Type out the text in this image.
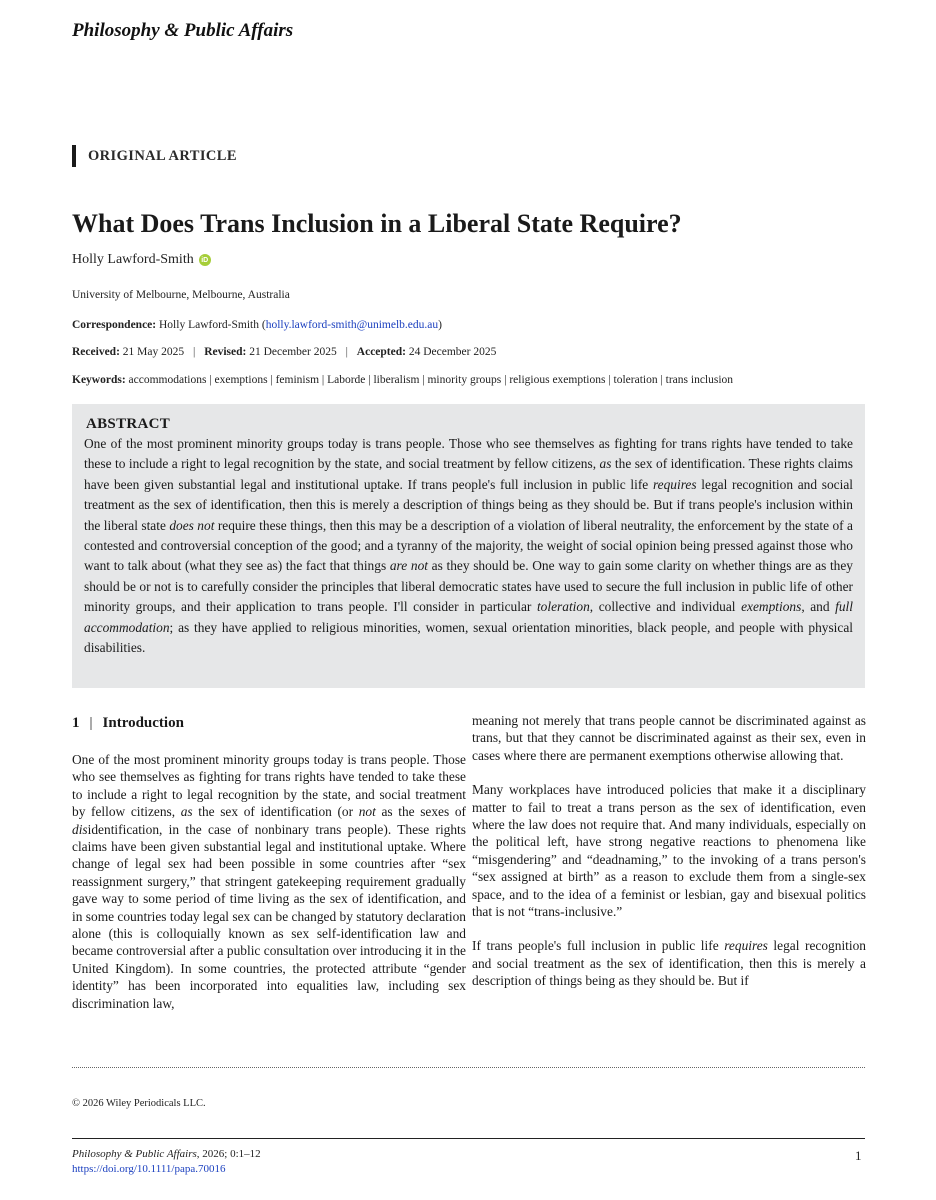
Philosophy & Public Affairs
ORIGINAL ARTICLE
What Does Trans Inclusion in a Liberal State Require?
Holly Lawford-Smith	iD
University of Melbourne, Melbourne, Australia
Correspondence: Holly Lawford-Smith (holly.lawford-smith@unimelb.edu.au)
Received: 21 May 2025 | Revised: 21 December 2025 | Accepted: 24 December 2025
Keywords: accommodations | exemptions | feminism | Laborde | liberalism | minority groups | religious exemptions | toleration | trans inclusion
ABSTRACT

One of the most prominent minority groups today is trans people. Those who see themselves as fighting for trans rights have tended to take these to include a right to legal recognition by the state, and social treatment by fellow citizens, as the sex of identification. These rights claims have been given substantial legal and institutional uptake. If trans people's full inclusion in public life requires legal recognition and social treatment as the sex of identification, then this is merely a description of things being as they should be. But if trans people's inclusion within the liberal state does not require these things, then this may be a description of a violation of liberal neutrality, the enforcement by the state of a contested and controversial conception of the good; and a tyranny of the majority, the weight of social opinion being pressed against those who want to talk about (what they see as) the fact that things are not as they should be. One way to gain some clarity on whether things are as they should be or not is to carefully consider the principles that liberal democratic states have used to secure the full inclusion in public life of other minority groups, and their application to trans people. I'll consider in particular toleration, collective and individual exemptions, and full accommodation; as they have applied to religious minorities, women, sexual orientation minorities, black people, and people with physical disabilities.

1 | Introduction

One of the most prominent minority groups today is trans people. Those who see themselves as fighting for trans rights have tended to take these to include a right to legal recognition by the state, and social treatment by fellow citizens, as the sex of identification (or not as the sexes of disidentification, in the case of nonbinary trans people). These rights claims have been given substantial legal and institutional uptake. Where change of legal sex had been possible in some countries after “sex reassignment surgery,” that stringent gatekeeping requirement gradually gave way to some period of time living as the sex of identification, and in some countries today legal sex can be changed by statutory declaration alone (this is colloquially known as sex self-identification law and became controversial after a public consultation over introducing it in the United Kingdom). In some countries, the protected attribute “gender identity” has been incorporated into equalities law, including sex discrimination law,

meaning not merely that trans people cannot be discriminated against as trans, but that they cannot be discriminated against as their sex, even in cases where there are permanent exemptions otherwise allowing that.

Many workplaces have introduced policies that make it a disciplinary matter to fail to treat a trans person as the sex of identification, even where the law does not require that. And many individuals, especially on the political left, have strong negative reactions to phenomena like “misgendering” and “deadnaming,” to the invoking of a trans person's “sex assigned at birth” as a reason to exclude them from a single-sex space, and to the idea of a feminist or lesbian, gay and bisexual politics that is not “trans-inclusive.”

If trans people's full inclusion in public life requires legal recognition and social treatment as the sex of identification, then this is merely a description of things being as they should be. But if

© 2026 Wiley Periodicals LLC.
Philosophy & Public Affairs, 2026; 0:1–12
https://doi.org/10.1111/papa.70016
1
